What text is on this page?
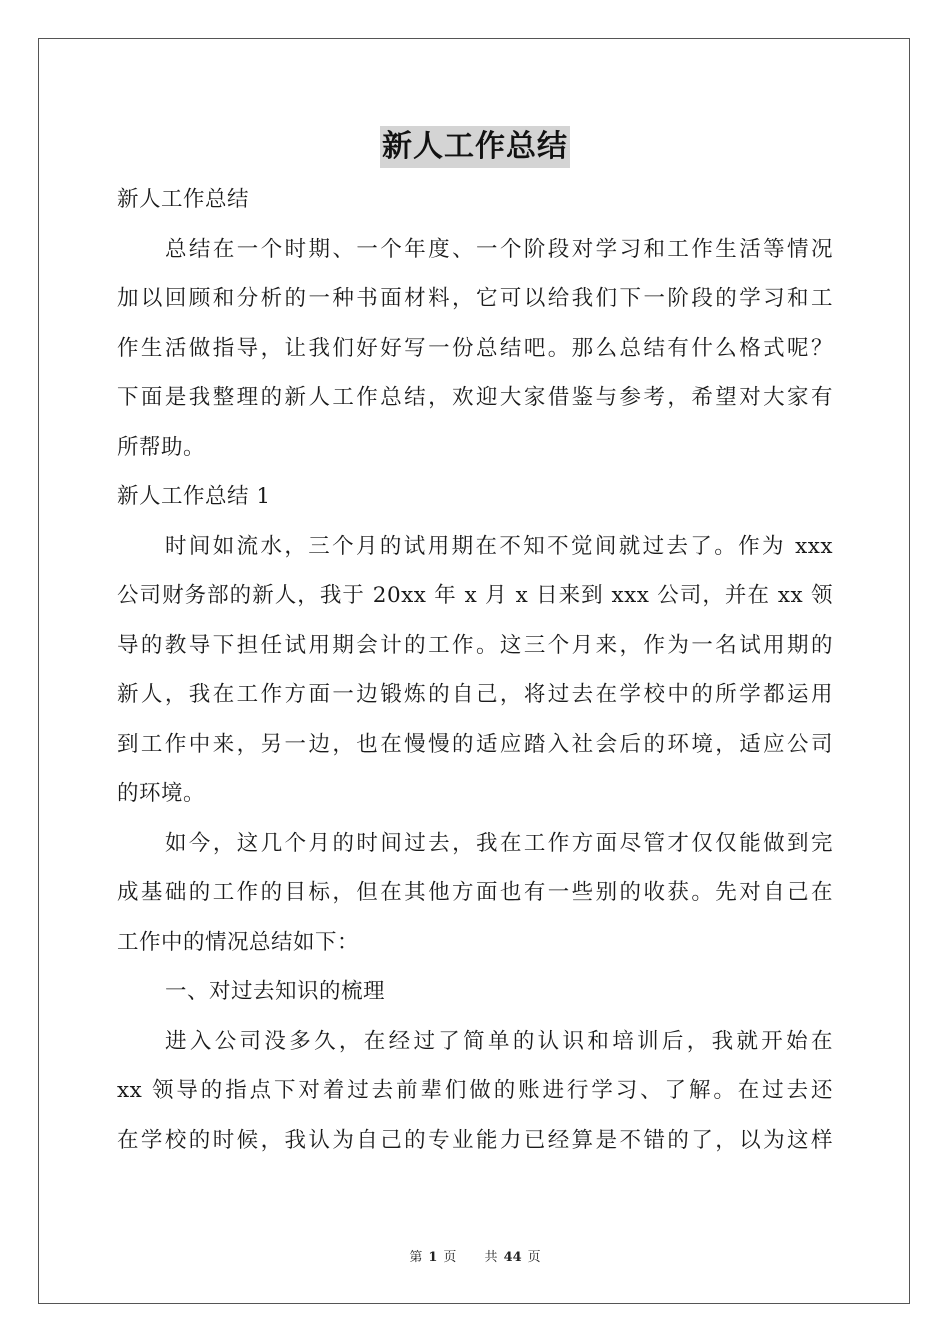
新人工作总结
新人工作总结
总结在一个时期、一个年度、一个阶段对学习和工作生活等情况
加以回顾和分析的一种书面材料，它可以给我们下一阶段的学习和工
作生活做指导，让我们好好写一份总结吧。那么总结有什么格式呢？
下面是我整理的新人工作总结，欢迎大家借鉴与参考，希望对大家有
所帮助。
新人工作总结 1
时间如流水，三个月的试用期在不知不觉间就过去了。作为 xxx
公司财务部的新人，我于 20xx 年 x 月 x 日来到 xxx 公司，并在 xx 领
导的教导下担任试用期会计的工作。这三个月来，作为一名试用期的
新人，我在工作方面一边锻炼的自己，将过去在学校中的所学都运用
到工作中来，另一边，也在慢慢的适应踏入社会后的环境，适应公司
的环境。
如今，这几个月的时间过去，我在工作方面尽管才仅仅能做到完
成基础的工作的目标，但在其他方面也有一些别的收获。先对自己在
工作中的情况总结如下：
一、对过去知识的梳理
进入公司没多久，在经过了简单的认识和培训后，我就开始在
xx 领导的指点下对着过去前辈们做的账进行学习、了解。在过去还
在学校的时候，我认为自己的专业能力已经算是不错的了，以为这样
第 1 页 共 44 页
